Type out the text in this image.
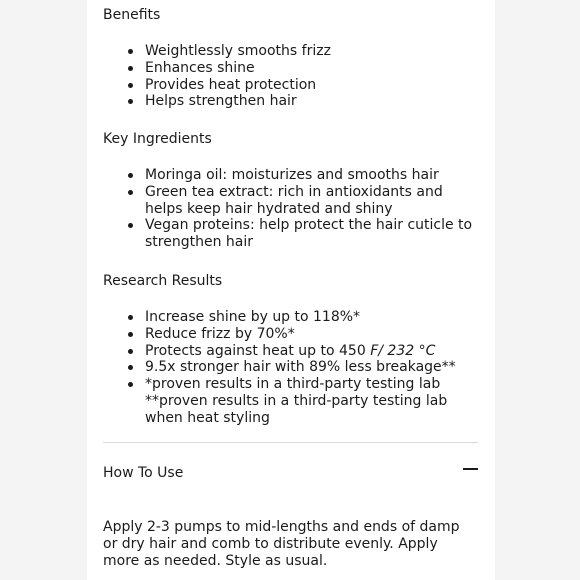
Benefits
Weightlessly smooths frizz
Enhances shine
Provides heat protection
Helps strengthen hair
Key Ingredients
Moringa oil: moisturizes and smooths hair
Green tea extract: rich in antioxidants and helps keep hair hydrated and shiny
Vegan proteins: help protect the hair cuticle to strengthen hair
Research Results
Increase shine by up to 118%*
Reduce frizz by 70%*
Protects against heat up to 450 F/ 232 °C
9.5x stronger hair with 89% less breakage**
*proven results in a third-party testing lab
**proven results in a third-party testing lab
when heat styling
How To Use

Apply 2-3 pumps to mid-lengths and ends of damp or dry hair and comb to distribute evenly. Apply more as needed. Style as usual.
